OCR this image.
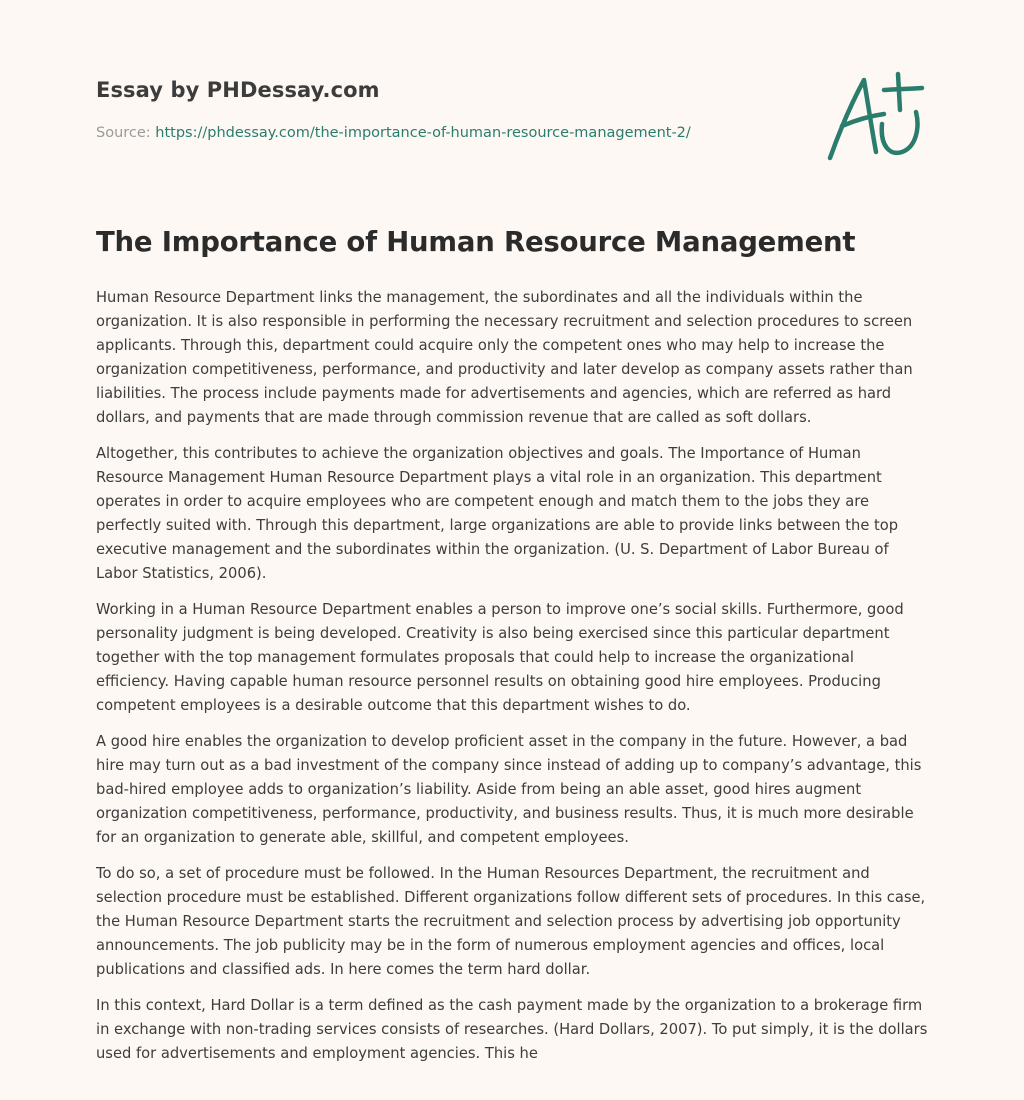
Essay by PHDessay.com
Source: https://phdessay.com/the-importance-of-human-resource-management-2/
The Importance of Human Resource Management

Human Resource Department links the management, the subordinates and all the individuals within the organization. It is also responsible in performing the necessary recruitment and selection procedures to screen applicants. Through this, department could acquire only the competent ones who may help to increase the organization competitiveness, performance, and productivity and later develop as company assets rather than liabilities. The process include payments made for advertisements and agencies, which are referred as hard dollars, and payments that are made through commission revenue that are called as soft dollars.

Altogether, this contributes to achieve the organization objectives and goals. The Importance of Human Resource Management Human Resource Department plays a vital role in an organization. This department operates in order to acquire employees who are competent enough and match them to the jobs they are perfectly suited with. Through this department, large organizations are able to provide links between the top executive management and the subordinates within the organization. (U. S. Department of Labor Bureau of Labor Statistics, 2006).

Working in a Human Resource Department enables a person to improve one’s social skills. Furthermore, good personality judgment is being developed. Creativity is also being exercised since this particular department together with the top management formulates proposals that could help to increase the organizational efficiency. Having capable human resource personnel results on obtaining good hire employees. Producing competent employees is a desirable outcome that this department wishes to do.

A good hire enables the organization to develop proficient asset in the company in the future. However, a bad hire may turn out as a bad investment of the company since instead of adding up to company’s advantage, this bad-hired employee adds to organization’s liability. Aside from being an able asset, good hires augment organization competitiveness, performance, productivity, and business results. Thus, it is much more desirable for an organization to generate able, skillful, and competent employees.

To do so, a set of procedure must be followed. In the Human Resources Department, the recruitment and selection procedure must be established. Different organizations follow different sets of procedures. In this case, the Human Resource Department starts the recruitment and selection process by advertising job opportunity announcements. The job publicity may be in the form of numerous employment agencies and offices, local publications and classified ads. In here comes the term hard dollar.

In this context, Hard Dollar is a term defined as the cash payment made by the organization to a brokerage firm in exchange with non-trading services consists of researches. (Hard Dollars, 2007). To put simply, it is the dollars used for advertisements and employment agencies. This he
